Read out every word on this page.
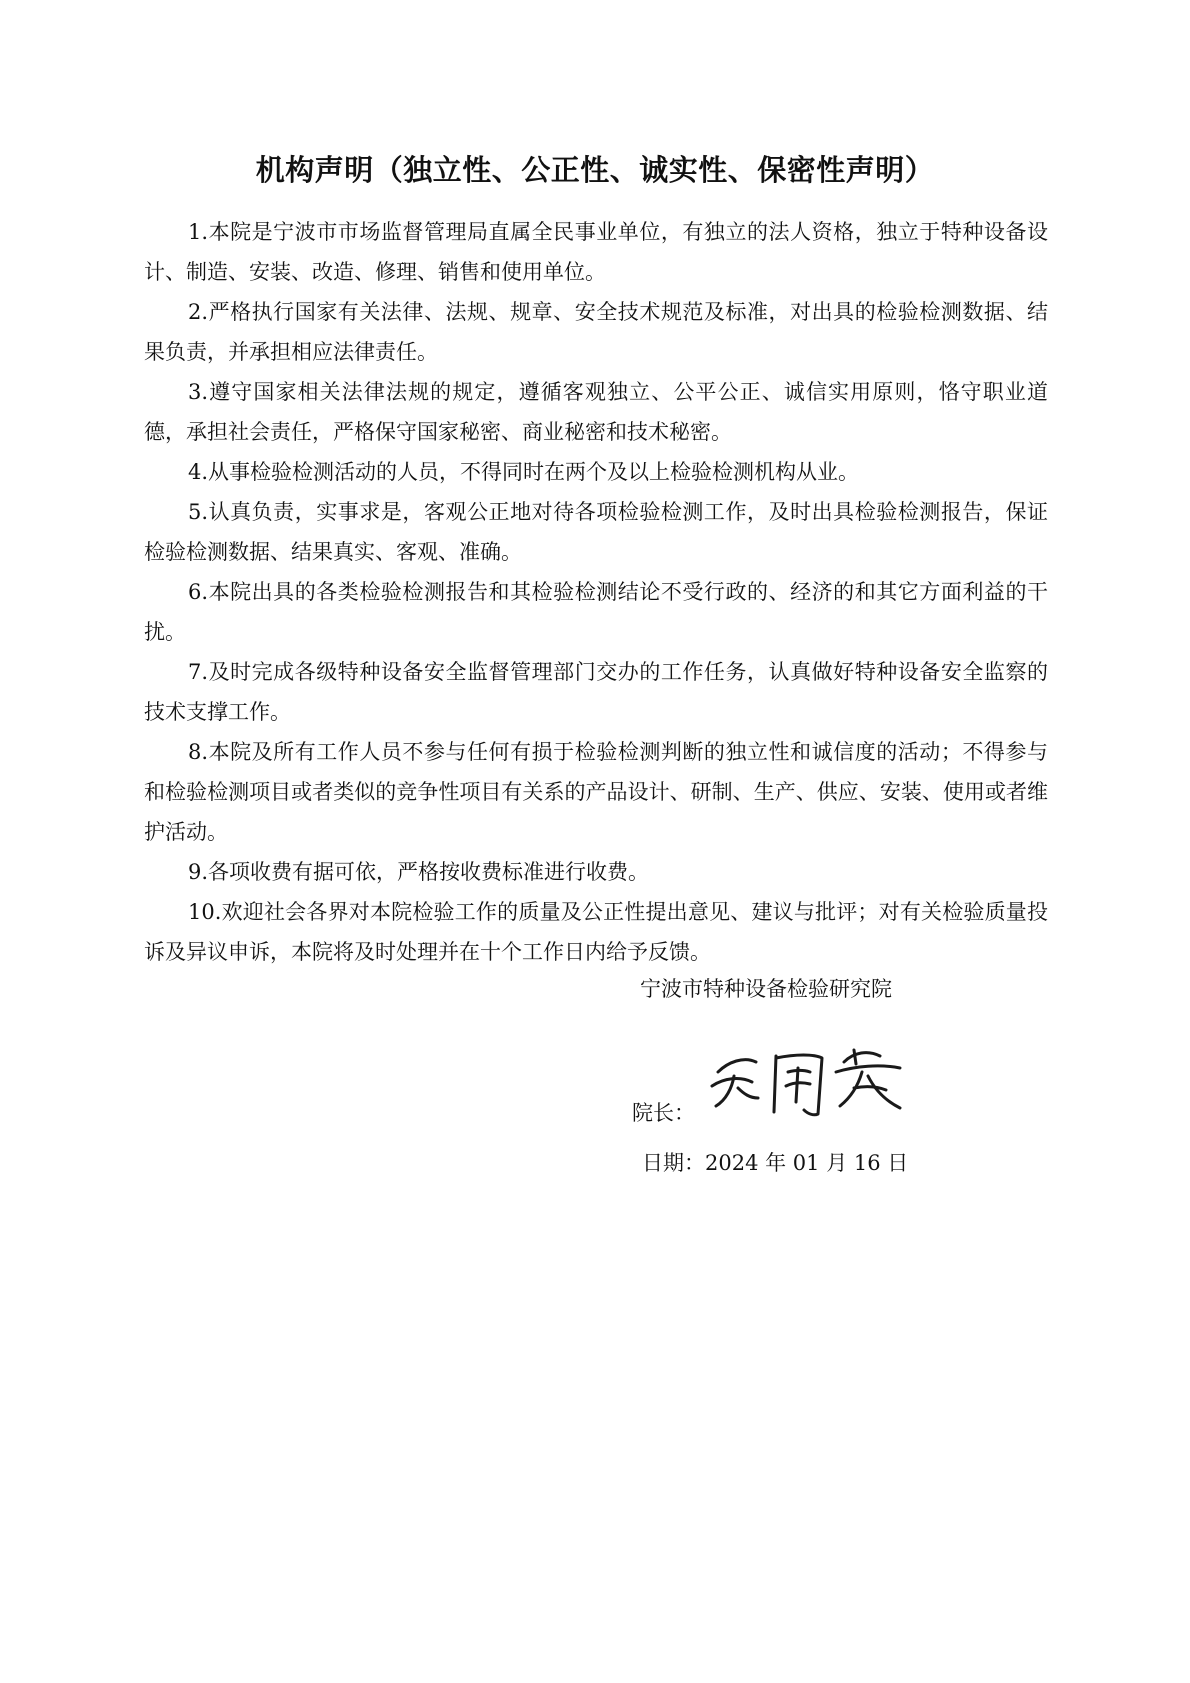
机构声明（独立性、公正性、诚实性、保密性声明）

1.本院是宁波市市场监督管理局直属全民事业单位，有独立的法人资格，独立于特种设备设计、制造、安装、改造、修理、销售和使用单位。

2.严格执行国家有关法律、法规、规章、安全技术规范及标准，对出具的检验检测数据、结果负责，并承担相应法律责任。

3.遵守国家相关法律法规的规定，遵循客观独立、公平公正、诚信实用原则，恪守职业道德，承担社会责任，严格保守国家秘密、商业秘密和技术秘密。

4.从事检验检测活动的人员，不得同时在两个及以上检验检测机构从业。

5.认真负责，实事求是，客观公正地对待各项检验检测工作，及时出具检验检测报告，保证检验检测数据、结果真实、客观、准确。

6.本院出具的各类检验检测报告和其检验检测结论不受行政的、经济的和其它方面利益的干扰。

7.及时完成各级特种设备安全监督管理部门交办的工作任务，认真做好特种设备安全监察的技术支撑工作。

8.本院及所有工作人员不参与任何有损于检验检测判断的独立性和诚信度的活动；不得参与和检验检测项目或者类似的竞争性项目有关系的产品设计、研制、生产、供应、安装、使用或者维护活动。

9.各项收费有据可依，严格按收费标准进行收费。

10.欢迎社会各界对本院检验工作的质量及公正性提出意见、建议与批评；对有关检验质量投诉及异议申诉，本院将及时处理并在十个工作日内给予反馈。

宁波市特种设备检验研究院
院长：
日期：2024 年 01 月 16 日
